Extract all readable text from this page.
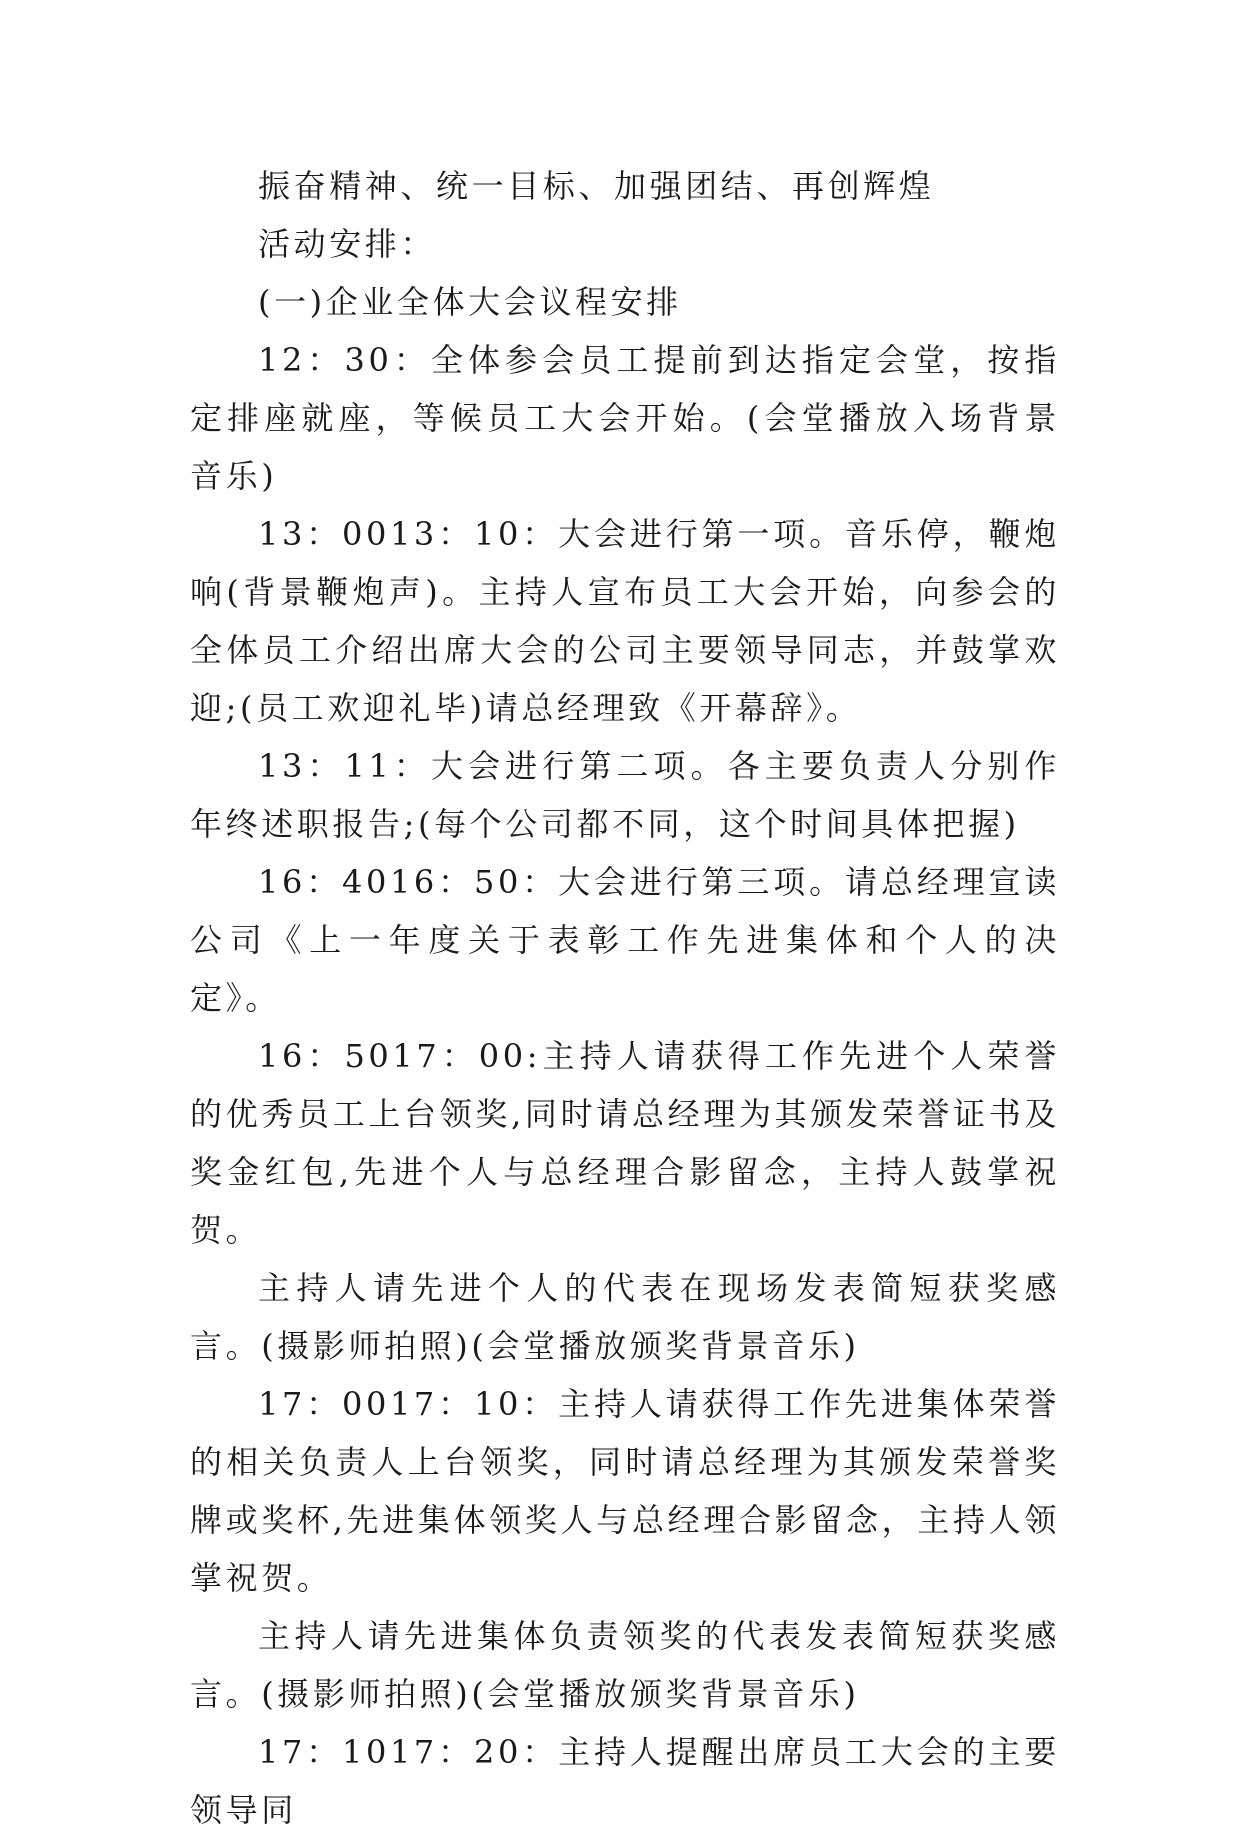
振奋精神、统一目标、加强团结、再创辉煌

活动安排：

(一)企业全体大会议程安排

12：30：全体参会员工提前到达指定会堂，按指定排座就座，等候员工大会开始。(会堂播放入场背景音乐)

13：0013：10：大会进行第一项。音乐停，鞭炮响(背景鞭炮声)。主持人宣布员工大会开始，向参会的全体员工介绍出席大会的公司主要领导同志，并鼓掌欢迎;(员工欢迎礼毕)请总经理致《开幕辞》。

13：11：大会进行第二项。各主要负责人分别作年终述职报告;(每个公司都不同，这个时间具体把握)

16：4016：50：大会进行第三项。请总经理宣读公司《上一年度关于表彰工作先进集体和个人的决定》。

16：5017：00:主持人请获得工作先进个人荣誉的优秀员工上台领奖,同时请总经理为其颁发荣誉证书及奖金红包,先进个人与总经理合影留念，主持人鼓掌祝贺。

主持人请先进个人的代表在现场发表简短获奖感言。(摄影师拍照)(会堂播放颁奖背景音乐)

17：0017：10：主持人请获得工作先进集体荣誉的相关负责人上台领奖，同时请总经理为其颁发荣誉奖牌或奖杯,先进集体领奖人与总经理合影留念，主持人领掌祝贺。

主持人请先进集体负责领奖的代表发表简短获奖感言。(摄影师拍照)(会堂播放颁奖背景音乐)

17：1017：20：主持人提醒出席员工大会的主要领导同
